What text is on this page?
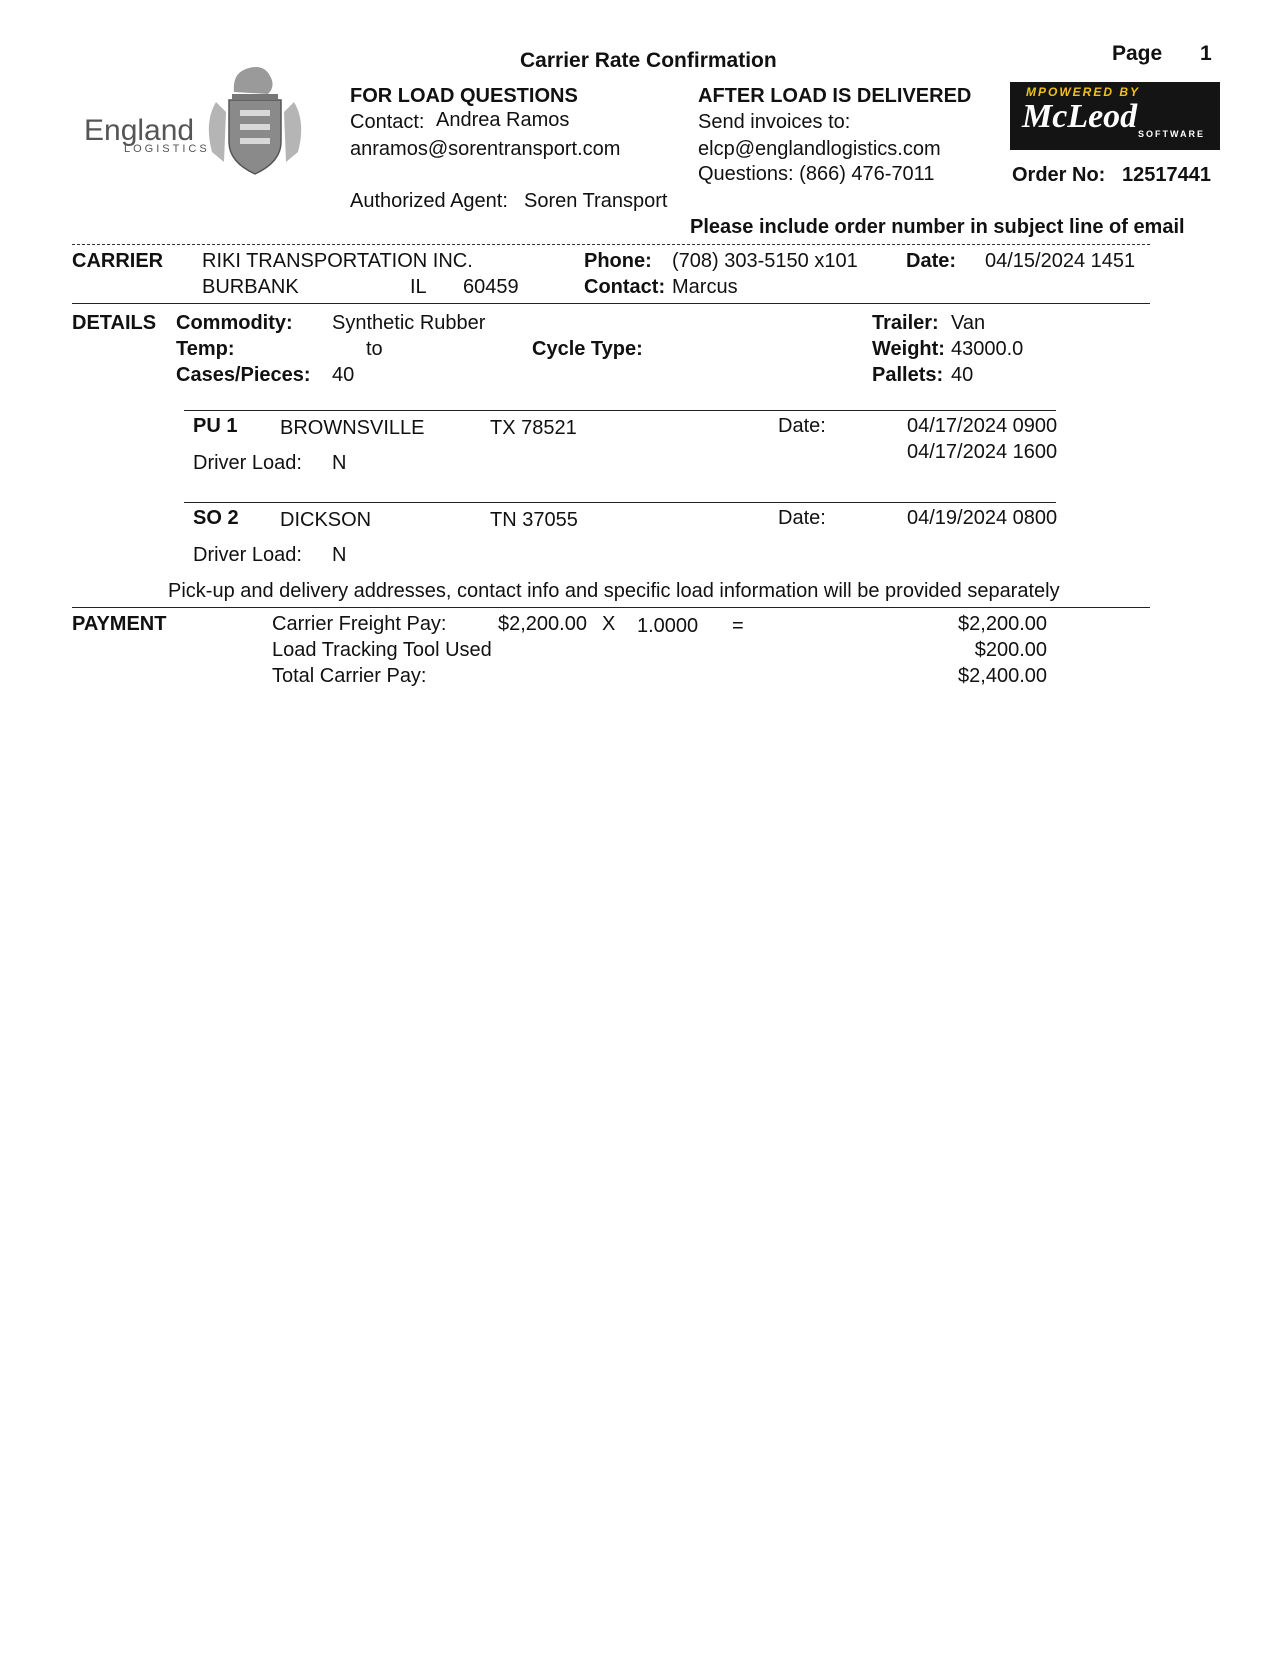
Carrier Rate Confirmation	Page 1
England
LOGISTICS
MPOWERED BY
McLeod SOFTWARE
FOR LOAD QUESTIONS
Contact: Andrea Ramos
anramos@sorentransport.com
Authorized Agent: Soren Transport
AFTER LOAD IS DELIVERED
Send invoices to:
elcp@englandlogistics.com
Questions: (866) 476-7011	Order No: 12517441
Please include order number in subject line of email
CARRIER RIKI TRANSPORTATION INC.
BURBANK	IL 60459
Phone: (708) 303-5150 x101
Contact: Marcus
Date: 04/15/2024 1451
DETAILS Commodity: Synthetic Rubber
Temp:	to	Cycle Type:
Cases/Pieces: 40
Trailer: Van
Weight: 43000.0
Pallets: 40
PU 1 BROWNSVILLE	TX 78521	Date:	04/17/2024 0900
04/17/2024 1600
Driver Load: N
SO 2 DICKSON	TN 37055	Date:	04/19/2024 0800
Driver Load: N
Pick-up and delivery addresses, contact info and specific load information will be provided separately
PAYMENT	Carrier Freight Pay:	$2,200.00 X 1.0000 =	$2,200.00
Load Tracking Tool Used	$200.00
Total Carrier Pay:	$2,400.00
